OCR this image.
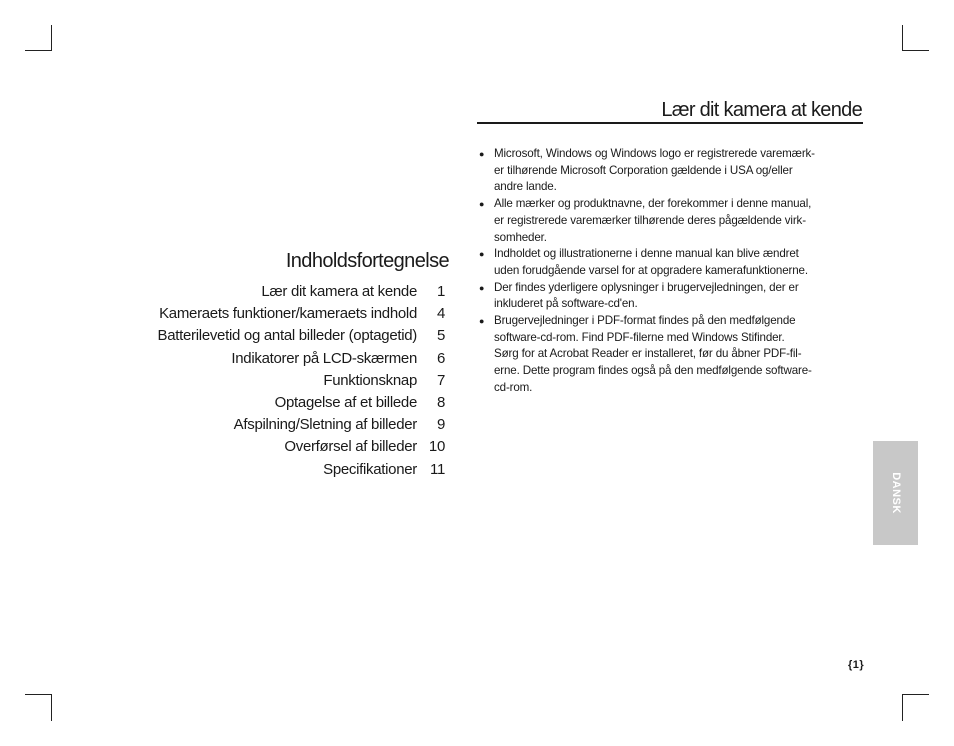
Indholdsfortegnelse
Lær dit kamera at kende	1
Kameraets funktioner/kameraets indhold	4
Batterilevetid og antal billeder (optagetid)	5
Indikatorer på LCD-skærmen	6
Funktionsknap	7
Optagelse af et billede	8
Afspilning/Sletning af billeder	9
Overførsel af billeder 10
Specifikationer 11
Lær dit kamera at kende
● Microsoft, Windows og Windows logo er registrerede varemærk-
er tilhørende Microsoft Corporation gældende i USA og/eller
andre lande.
● Alle mærker og produktnavne, der forekommer i denne manual,
er registrerede varemærker tilhørende deres pågældende virk-
somheder.
● Indholdet og illustrationerne i denne manual kan blive ændret
uden forudgående varsel for at opgradere kamerafunktionerne.
● Der findes yderligere oplysninger i brugervejledningen, der er
inkluderet på software-cd'en.
● Brugervejledninger i PDF-format findes på den medfølgende
software-cd-rom. Find PDF-filerne med Windows Stifinder.
Sørg for at Acrobat Reader er installeret, før du åbner PDF-fil-
erne. Dette program findes også på den medfølgende software-
cd-rom.
DANSK
{1}
